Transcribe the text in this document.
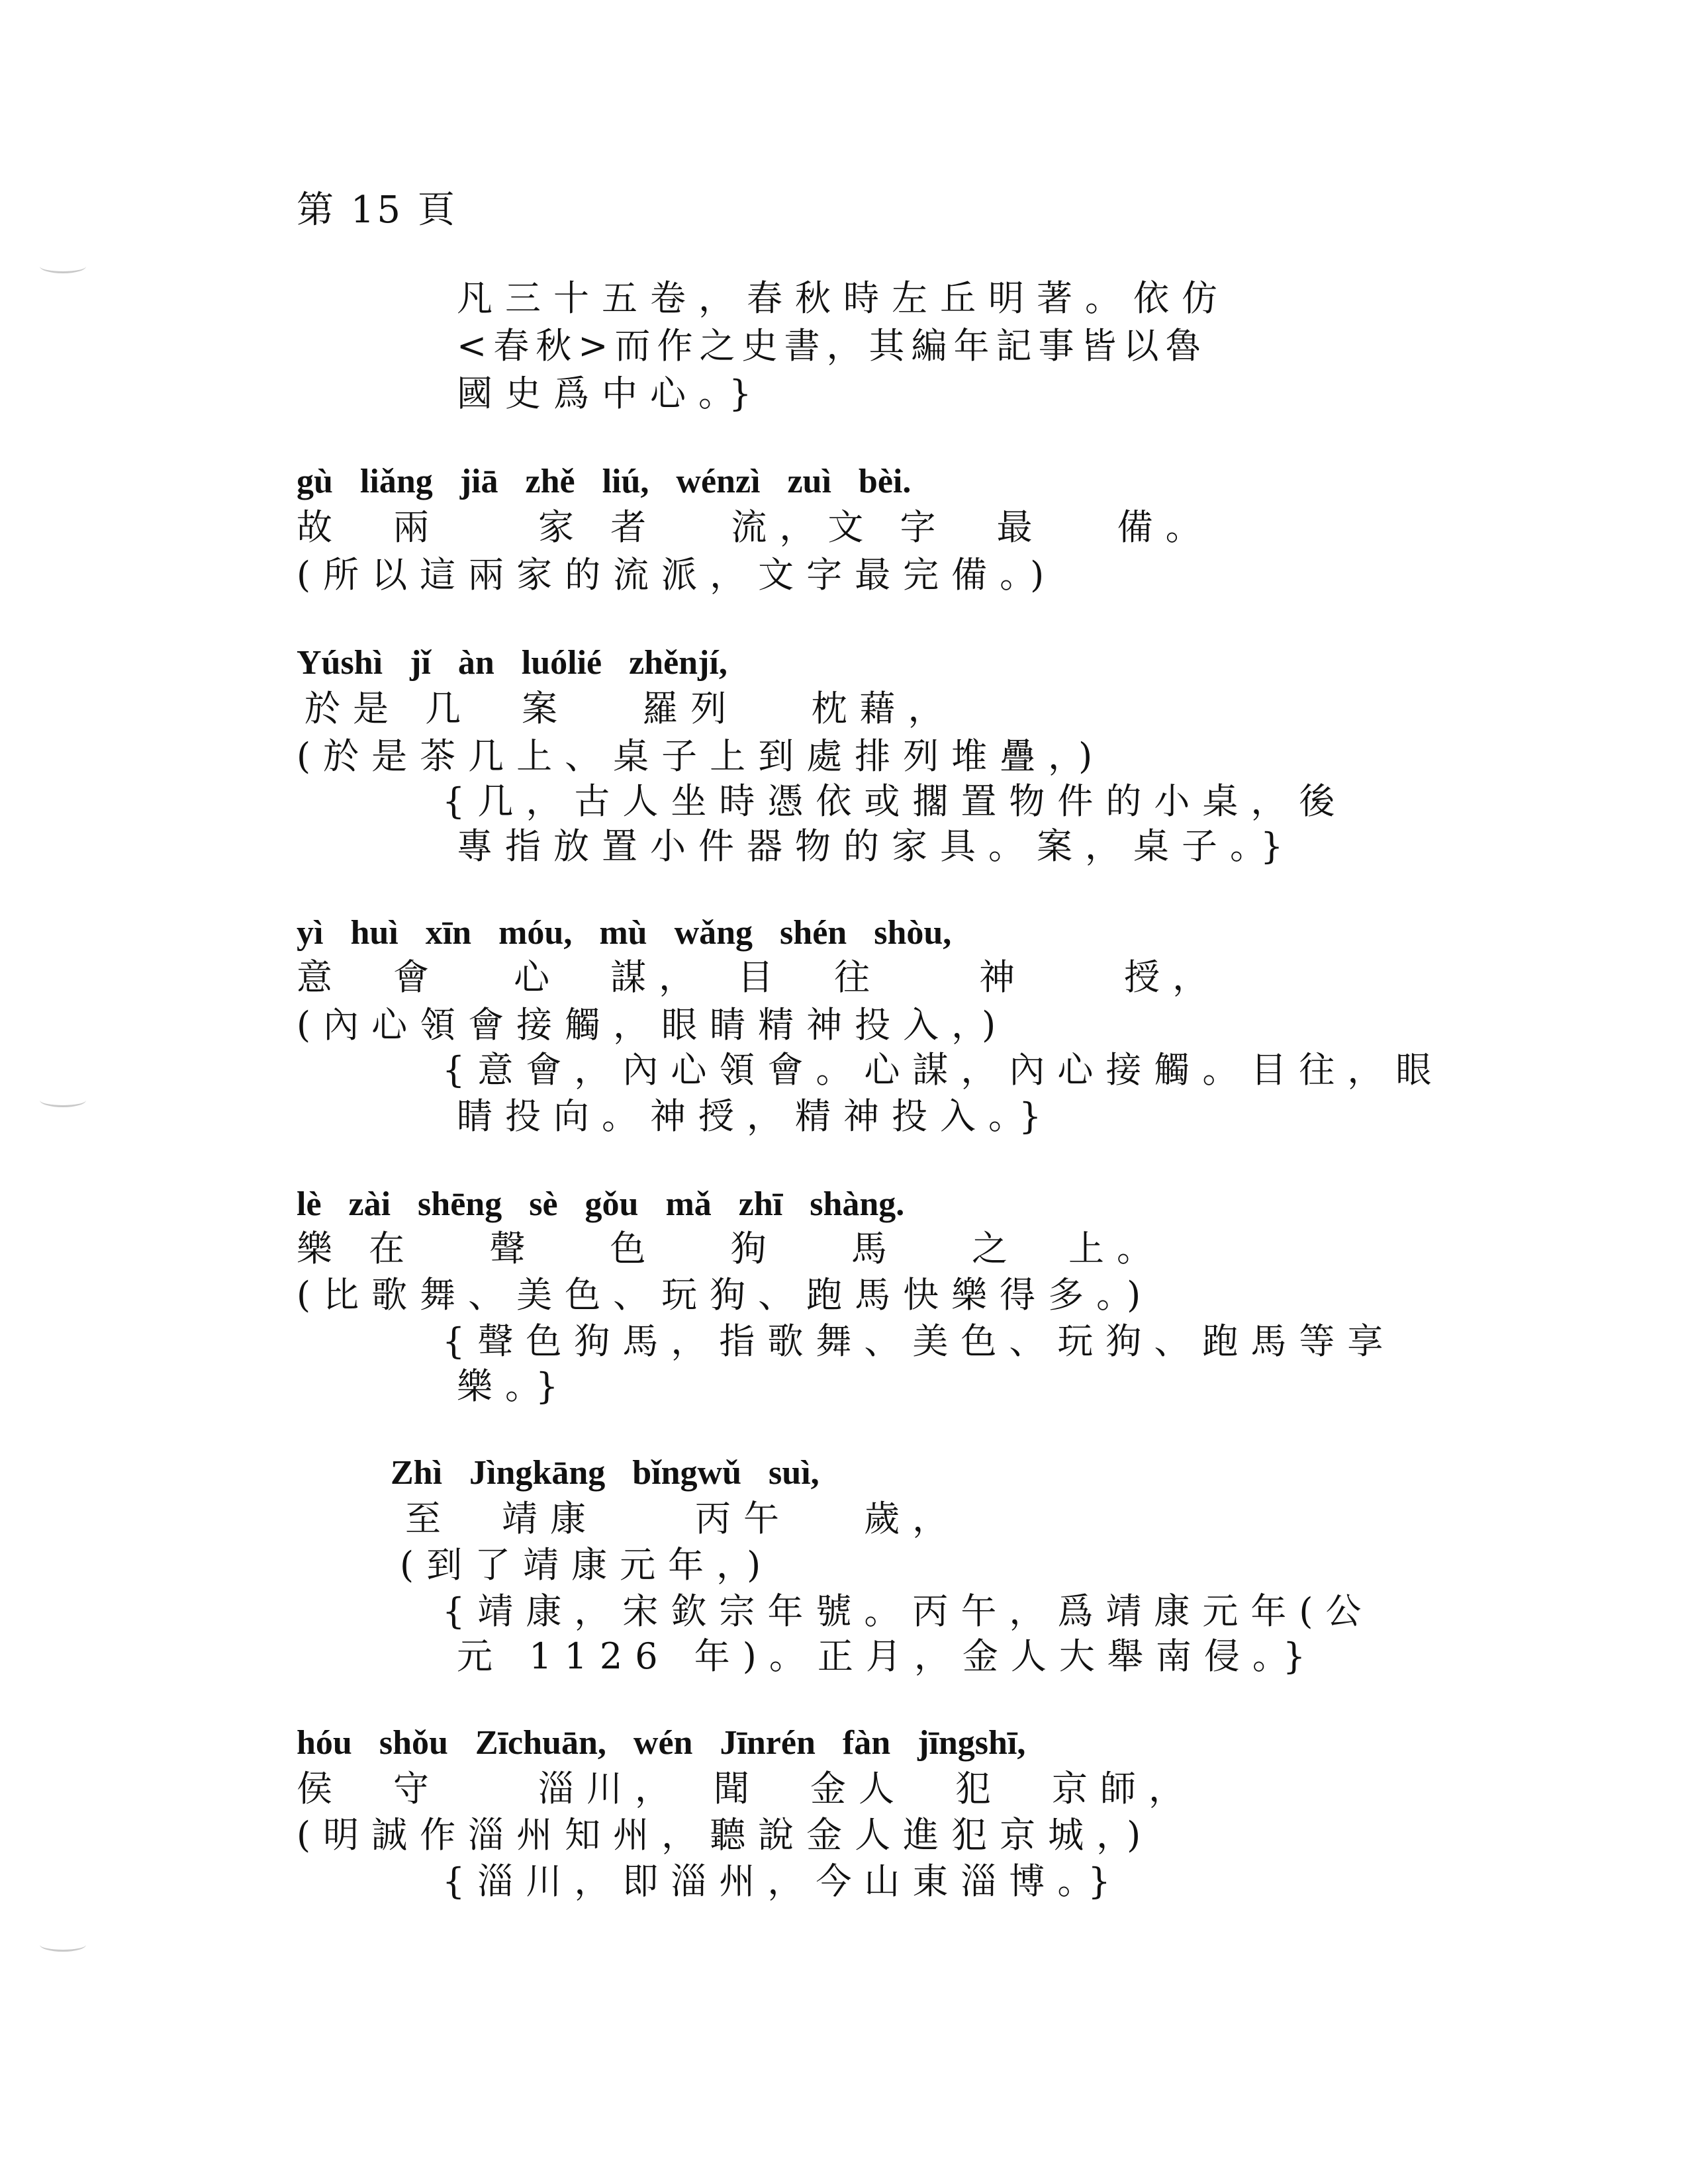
第 15 頁
凡三十五卷，春秋時左丘明著。依仿
<春秋>而作之史書，其編年記事皆以魯
國史爲中心。}
gù liǎng jiā zhě liú, wénzì zuì bèi.
故　兩　　家 者　 流，文 字　最　 備。
(所以這兩家的流派，文字最完備。)
Yúshì jǐ àn luólié zhěnjí,
於是 几　案　 羅列　 枕藉，
(於是茶几上、桌子上到處排列堆疊，)
{几，古人坐時憑依或擱置物件的小桌，後
專指放置小件器物的家具。案，桌子。}
yì huì xīn móu, mù wǎng shén shòu,
意　會　 心　謀，　目　往　　神　　授，
(內心領會接觸，眼睛精神投入，)
{意會，內心領會。心謀，內心接觸。目往，眼
睛投向。神授，精神投入。}
lè zài shēng sè gǒu mǎ zhī shàng.
樂 在　 聲　 色　 狗　 馬　 之　上。
(比歌舞、美色、玩狗、跑馬快樂得多。)
{聲色狗馬，指歌舞、美色、玩狗、跑馬等享
樂。}
Zhì Jìngkāng bǐngwǔ suì,
至　靖康　　丙午　 歲，
(到了靖康元年，)
{靖康，宋欽宗年號。丙午，爲靖康元年(公
元 1126 年)。正月，金人大舉南侵。}
hóu shǒu Zīchuān, wén Jīnrén fàn jīngshī,
侯　守　　淄川，　聞　金人　犯　京師，
(明誠作淄州知州，聽說金人進犯京城，)
{淄川，即淄州，今山東淄博。}
